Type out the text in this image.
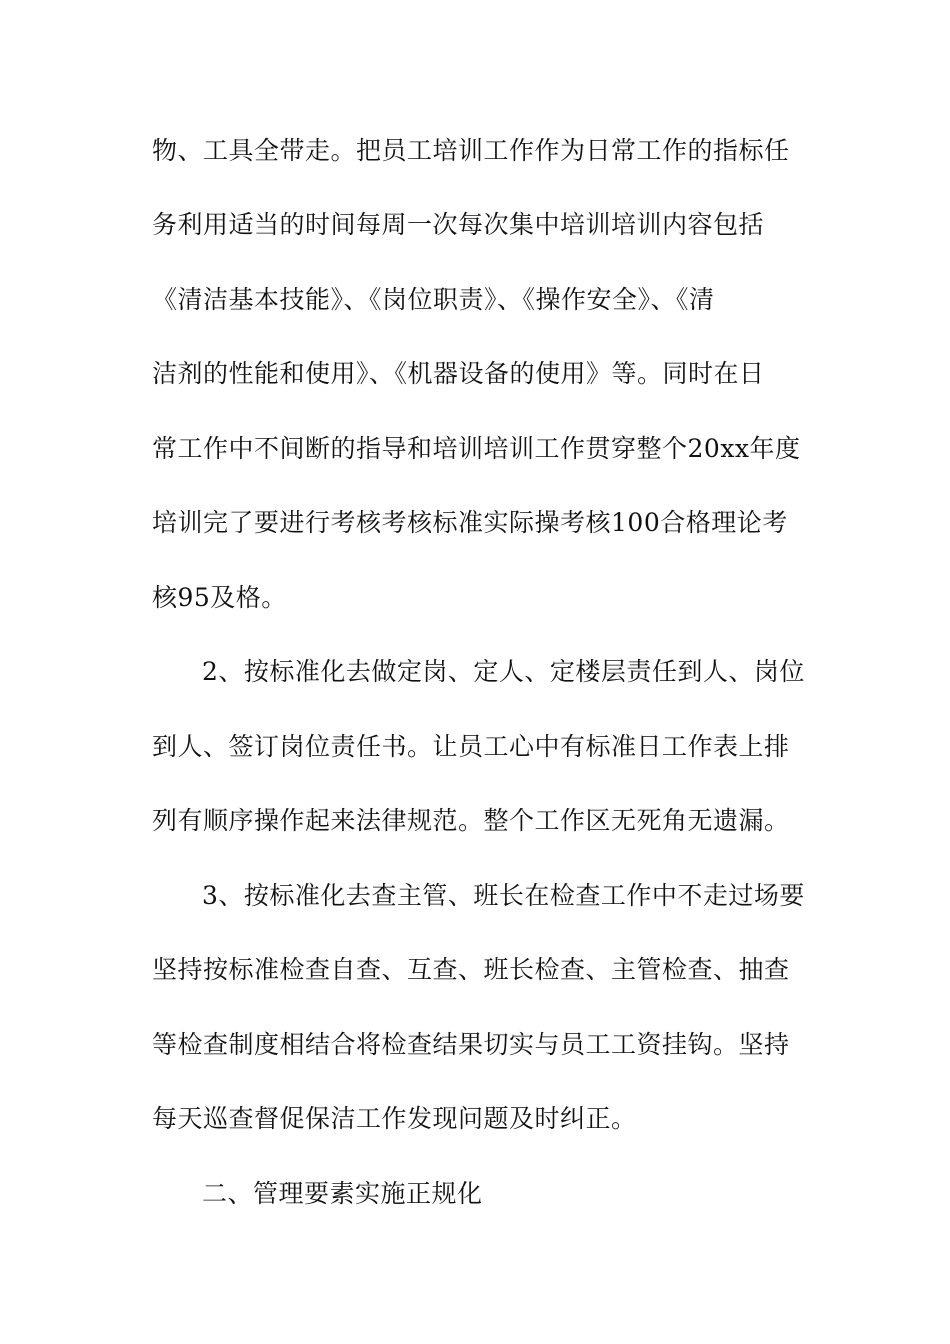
物、工具全带走。把员工培训工作作为日常工作的指标任
务利用适当的时间每周一次每次集中培训培训内容包括
《清洁基本技能》、《岗位职责》、《操作安全》、《清
洁剂的性能和使用》、《机器设备的使用》等。同时在日
常工作中不间断的指导和培训培训工作贯穿整个20xx年度
培训完了要进行考核考核标准实际操考核100合格理论考
核95及格。
2、按标准化去做定岗、定人、定楼层责任到人、岗位
到人、签订岗位责任书。让员工心中有标准日工作表上排
列有顺序操作起来法律规范。整个工作区无死角无遗漏。
3、按标准化去查主管、班长在检查工作中不走过场要
坚持按标准检查自查、互查、班长检查、主管检查、抽查
等检查制度相结合将检查结果切实与员工工资挂钩。坚持
每天巡查督促保洁工作发现问题及时纠正。
二、管理要素实施正规化
